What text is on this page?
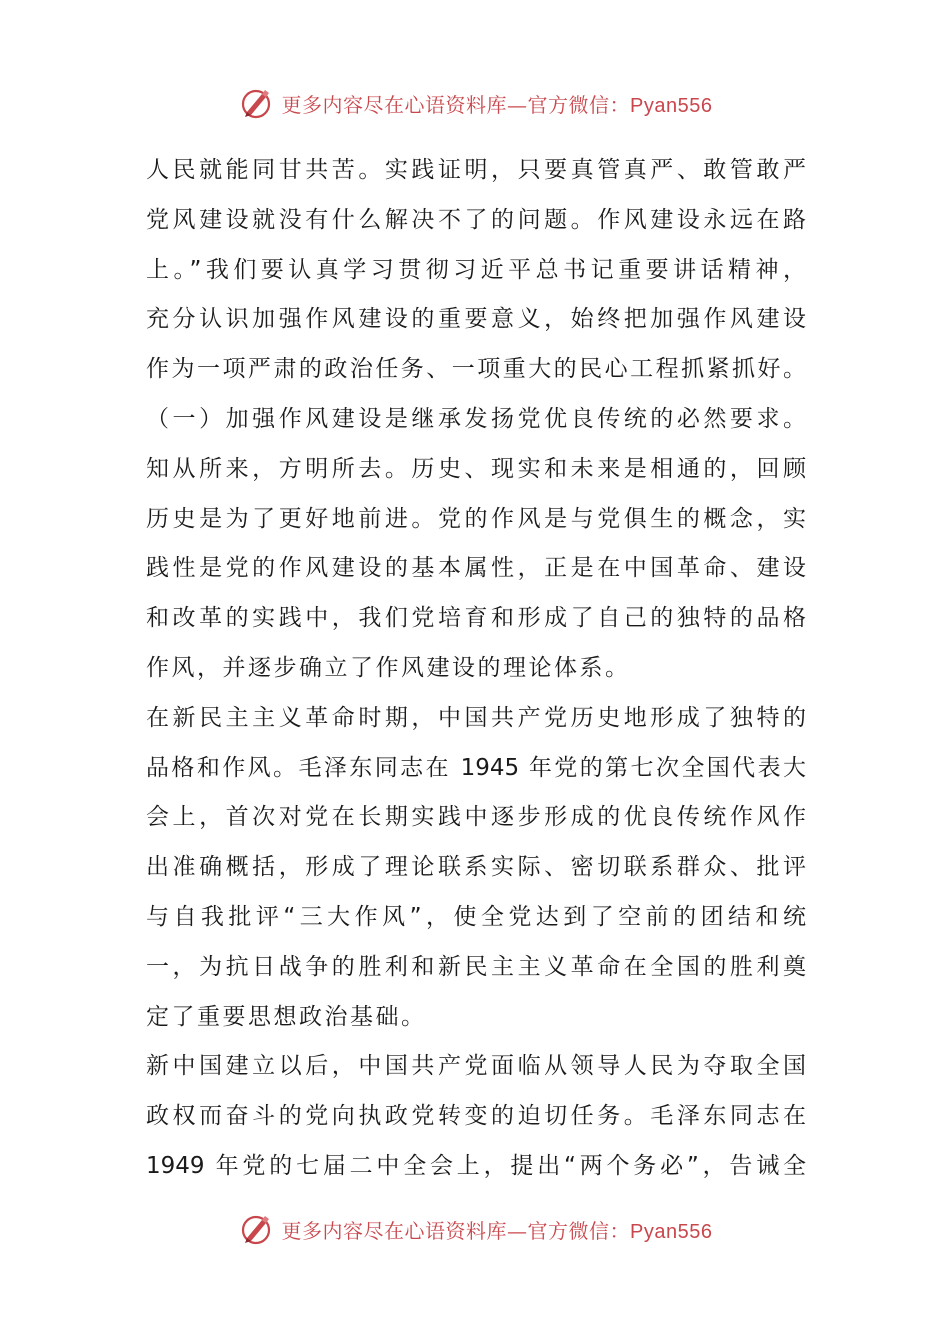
更多内容尽在心语资料库—官方微信：Pyan556
人民就能同甘共苦。实践证明，只要真管真严、敢管敢严
党风建设就没有什么解决不了的问题。作风建设永远在路
上。”我们要认真学习贯彻习近平总书记重要讲话精神，
充分认识加强作风建设的重要意义，始终把加强作风建设
作为一项严肃的政治任务、一项重大的民心工程抓紧抓好。
（一）加强作风建设是继承发扬党优良传统的必然要求。
知从所来，方明所去。历史、现实和未来是相通的，回顾
历史是为了更好地前进。党的作风是与党俱生的概念，实
践性是党的作风建设的基本属性，正是在中国革命、建设
和改革的实践中，我们党培育和形成了自己的独特的品格
作风，并逐步确立了作风建设的理论体系。
在新民主主义革命时期，中国共产党历史地形成了独特的
品格和作风。毛泽东同志在 1945 年党的第七次全国代表大
会上，首次对党在长期实践中逐步形成的优良传统作风作
出准确概括，形成了理论联系实际、密切联系群众、批评
与自我批评“三大作风”，使全党达到了空前的团结和统
一，为抗日战争的胜利和新民主主义革命在全国的胜利奠
定了重要思想政治基础。
新中国建立以后，中国共产党面临从领导人民为夺取全国
政权而奋斗的党向执政党转变的迫切任务。毛泽东同志在
1949 年党的七届二中全会上，提出“两个务必”，告诫全
更多内容尽在心语资料库—官方微信：Pyan556
